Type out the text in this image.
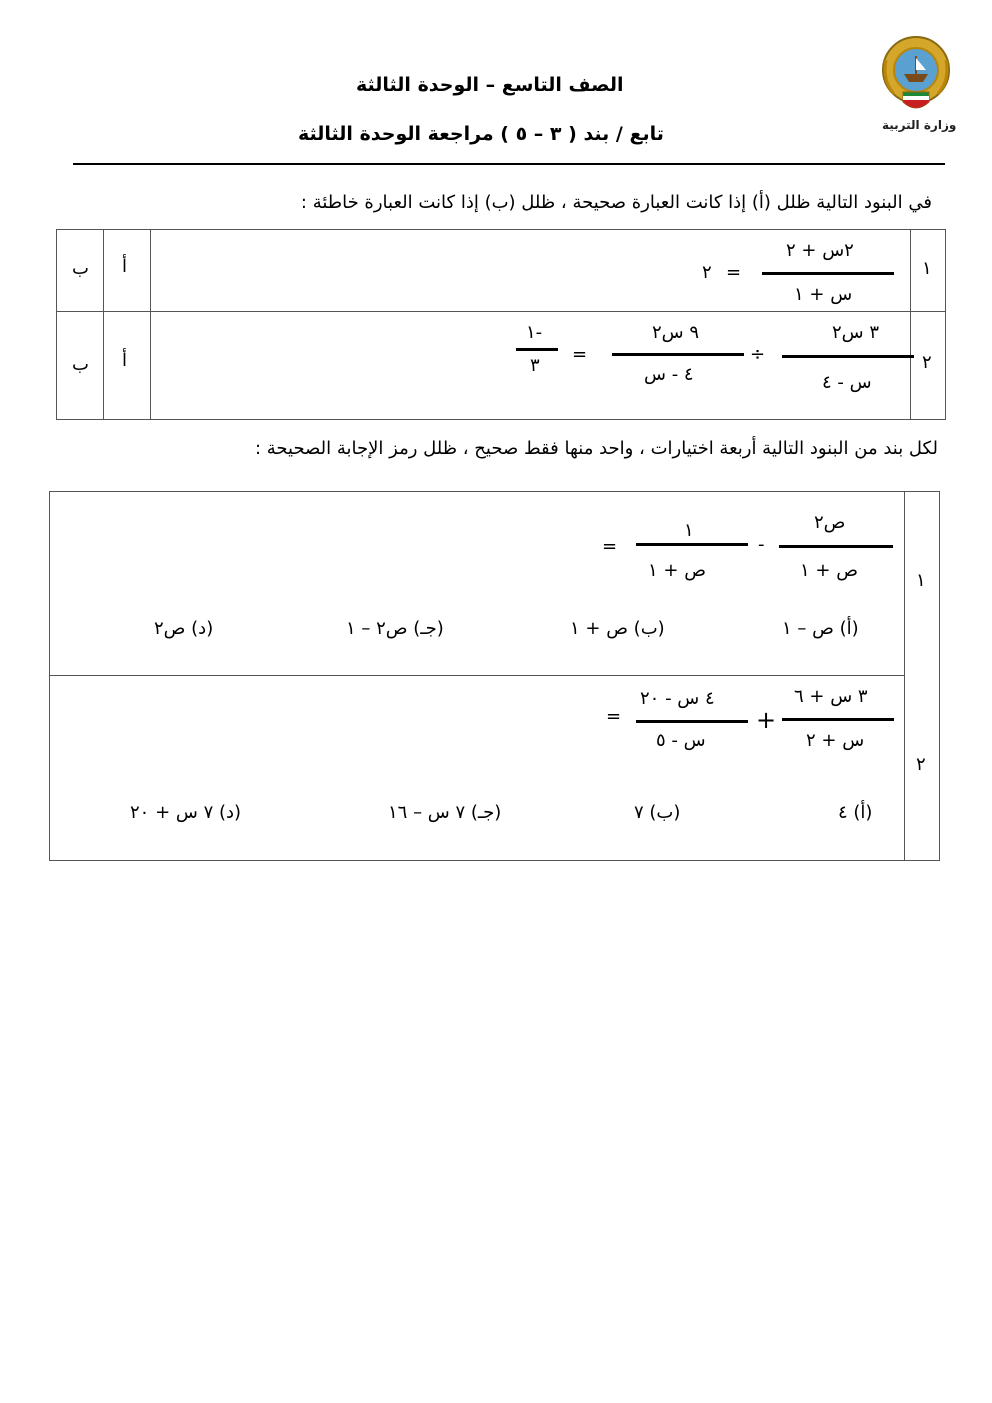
وزارة التربية
الصف التاسع – الوحدة الثالثة
تابع / بند ( ٣ – ٥ ) مراجعة الوحدة الثالثة
في البنود التالية ظلل (أ) إذا كانت العبارة صحيحة ، ظلل (ب) إذا كانت العبارة خاطئة :
١
أ
ب
٢س + ٢
س + ١
=
٢
٢
أ
ب
٣ س٢
س - ٤
÷
٩ س٢
٤ - س
=
-١
٣
لكل بند من البنود التالية أربعة اختيارات ، واحد منها فقط صحيح ، ظلل رمز الإجابة الصحيحة :
١
ص٢
ص + ١
-
١
ص + ١
=
(أ) ص – ١
(ب) ص + ١
(جـ) ص٢ – ١
(د) ص٢
٢
٣ س + ٦
س + ٢
+
٤ س - ٢٠
س - ٥
=
(أ) ٤
(ب) ٧
(جـ) ٧ س – ١٦
(د) ٧ س + ٢٠
